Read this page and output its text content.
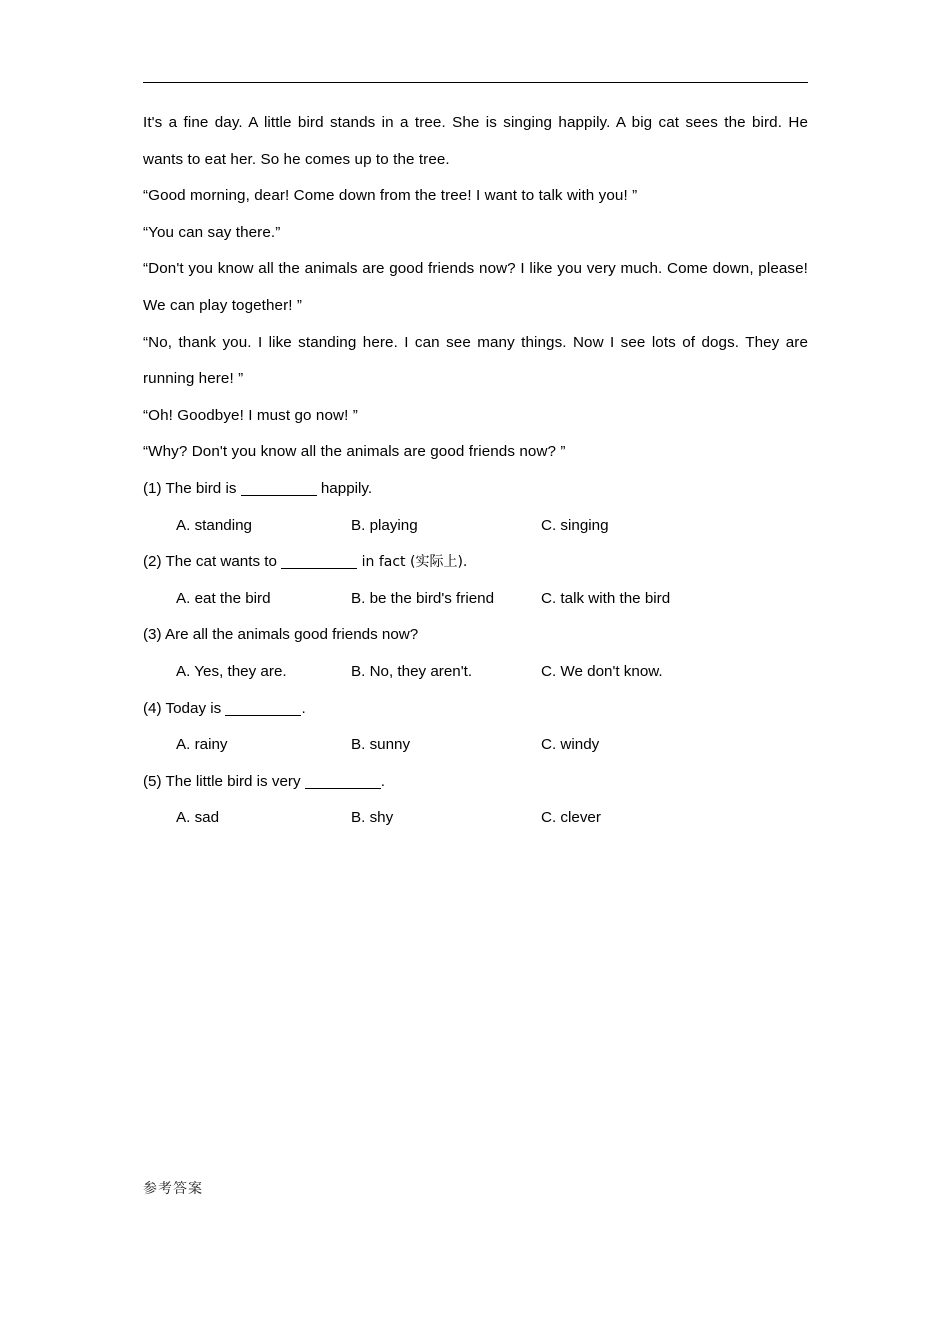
It's a fine day. A little bird stands in a tree. She is singing happily. A big cat sees the bird. He wants to eat her. So he comes up to the tree.

“Good morning, dear! Come down from the tree! I want to talk with you! ”

“You can say there.”

“Don't you know all the animals are good friends now? I like you very much. Come down, please! We can play together! ”

“No, thank you. I like standing here. I can see many things. Now I see lots of dogs. They are running here! ”

“Oh! Goodbye! I must go now! ”

“Why? Don't you know all the animals are good friends now? ”

(1) The bird is	happily.

A. standing	B. playing	C. singing

(2) The cat wants to	in fact (实际上).

A. eat the bird	B. be the bird's friend	C. talk with the bird

(3) Are all the animals good friends now?

A. Yes, they are.	B. No, they aren't.	C. We don't know.

(4) Today is	.

A. rainy	B. sunny	C. windy

(5) The little bird is very	.

A. sad	B. shy	C. clever
参考答案
